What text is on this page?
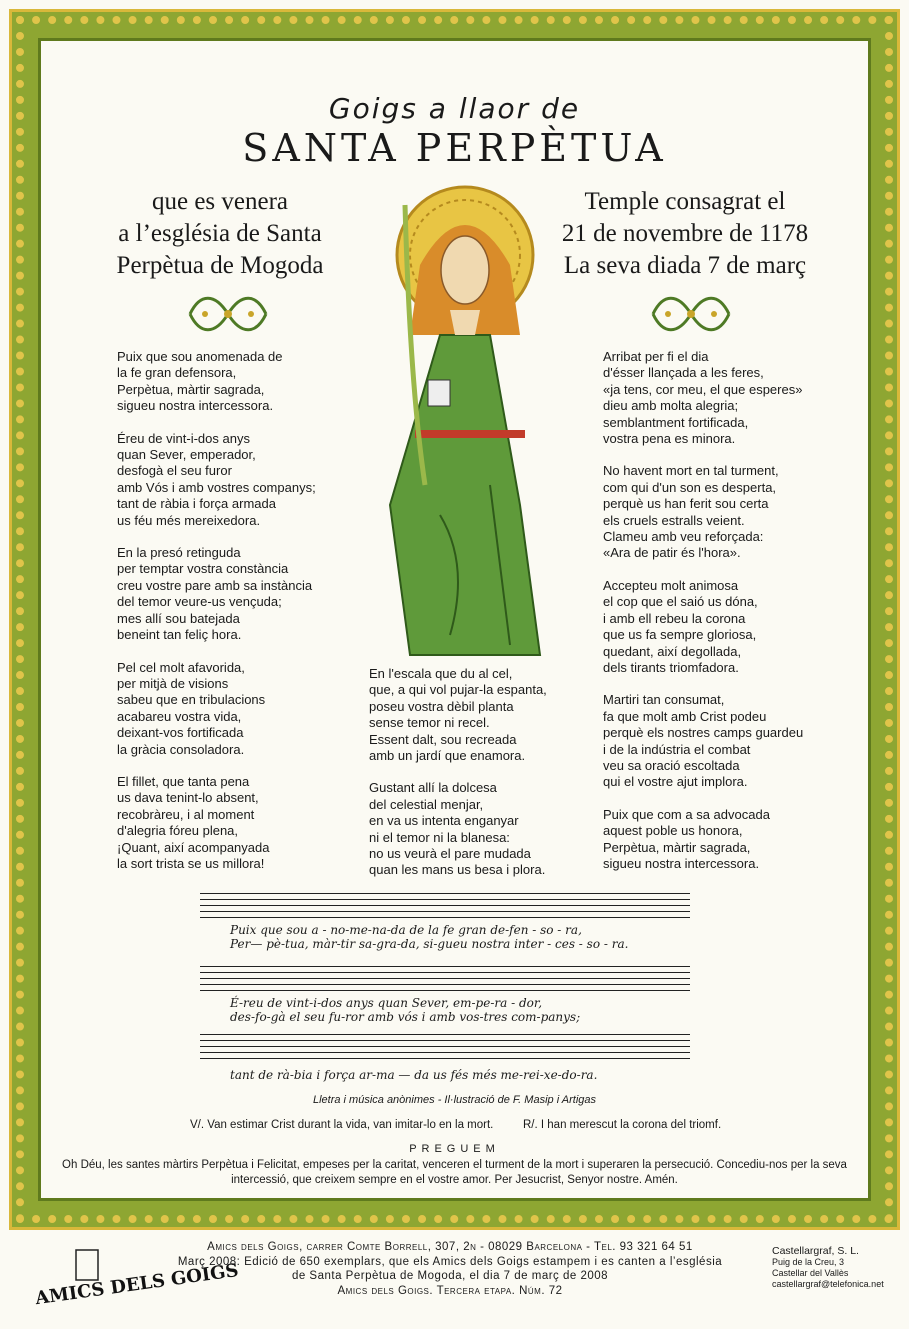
Goigs a llaor de
SANTA PERPÈTUA
que es venera
a l’església de Santa
Perpètua de Mogoda
Temple consagrat el
21 de novembre de 1178
La seva diada 7 de març

Puix que sou anomenada de
la fe gran defensora,
Perpètua, màrtir sagrada,
sigueu nostra intercessora.

Éreu de vint-i-dos anys
quan Sever, emperador,
desfogà el seu furor
amb Vós i amb vostres companys;
tant de ràbia i força armada
us féu més mereixedora.

En la presó retinguda
per temptar vostra constància
creu vostre pare amb sa instància
del temor veure-us vençuda;
mes allí sou batejada
beneint tan feliç hora.

Pel cel molt afavorida,
per mitjà de visions
sabeu que en tribulacions
acabareu vostra vida,
deixant-vos fortificada
la gràcia consoladora.

El fillet, que tanta pena
us dava tenint-lo absent,
recobràreu, i al moment
d'alegria fóreu plena,
¡Quant, així acompanyada
la sort trista se us millora!

En l'escala que du al cel,
que, a qui vol pujar-la espanta,
poseu vostra dèbil planta
sense temor ni recel.
Essent dalt, sou recreada
amb un jardí que enamora.

Gustant allí la dolcesa
del celestial menjar,
en va us intenta enganyar
ni el temor ni la blanesa:
no us veurà el pare mudada
quan les mans us besa i plora.

Arribat per fi el dia
d'ésser llançada a les feres,
«ja tens, cor meu, el que esperes»
dieu amb molta alegria;
semblantment fortificada,
vostra pena es minora.

No havent mort en tal turment,
com qui d'un son es desperta,
perquè us han ferit sou certa
els cruels estralls veient.
Clameu amb veu reforçada:
«Ara de patir és l'hora».

Accepteu molt animosa
el cop que el saió us dóna,
i amb ell rebeu la corona
que us fa sempre gloriosa,
quedant, així degollada,
dels tirants triomfadora.

Martiri tan consumat,
fa que molt amb Crist podeu
perquè els nostres camps guardeu
i de la indústria el combat
veu sa oració escoltada
qui el vostre ajut implora.

Puix que com a sa advocada
aquest poble us honora,
Perpètua, màrtir sagrada,
sigueu nostra intercessora.

Puix que sou a - no-me-na-da de la fe gran de-fen - so - ra,
Per— pè-tua, màr-tir sa-gra-da, si-gueu nostra inter - ces - so - ra.
É-reu de vint-i-dos anys quan Sever, em-pe-ra - dor,
des-fo-gà el seu fu-ror amb vós i amb vos-tres com-panys;
tant de rà-bia i força ar-ma — da us fés més me-rei-xe-do-ra.
Lletra i música anònimes - Il·lustració de F. Masip i Artigas
V/. Van estimar Crist durant la vida, van imitar-lo en la mort.	R/. I han merescut la corona del triomf.
PREGUEM
Oh Déu, les santes màrtirs Perpètua i Felicitat, empeses per la caritat, venceren el turment de la mort i superaren la persecució. Concediu-nos per la seva intercessió, que creixem sempre en el vostre amor. Per Jesucrist, Senyor nostre. Amén.
AMICS DELS GOIGS
Amics dels Goigs, carrer Comte Borrell, 307, 2n - 08029 Barcelona - Tel. 93 321 64 51
Març 2008: Edició de 650 exemplars, que els Amics dels Goigs estampem i es canten a l’església
de Santa Perpètua de Mogoda, el dia 7 de març de 2008
Amics dels Goigs. Tercera etapa. Núm. 72
Castellargraf, S. L.
Puig de la Creu, 3
Castellar del Vallès
castellargraf@telefonica.net
